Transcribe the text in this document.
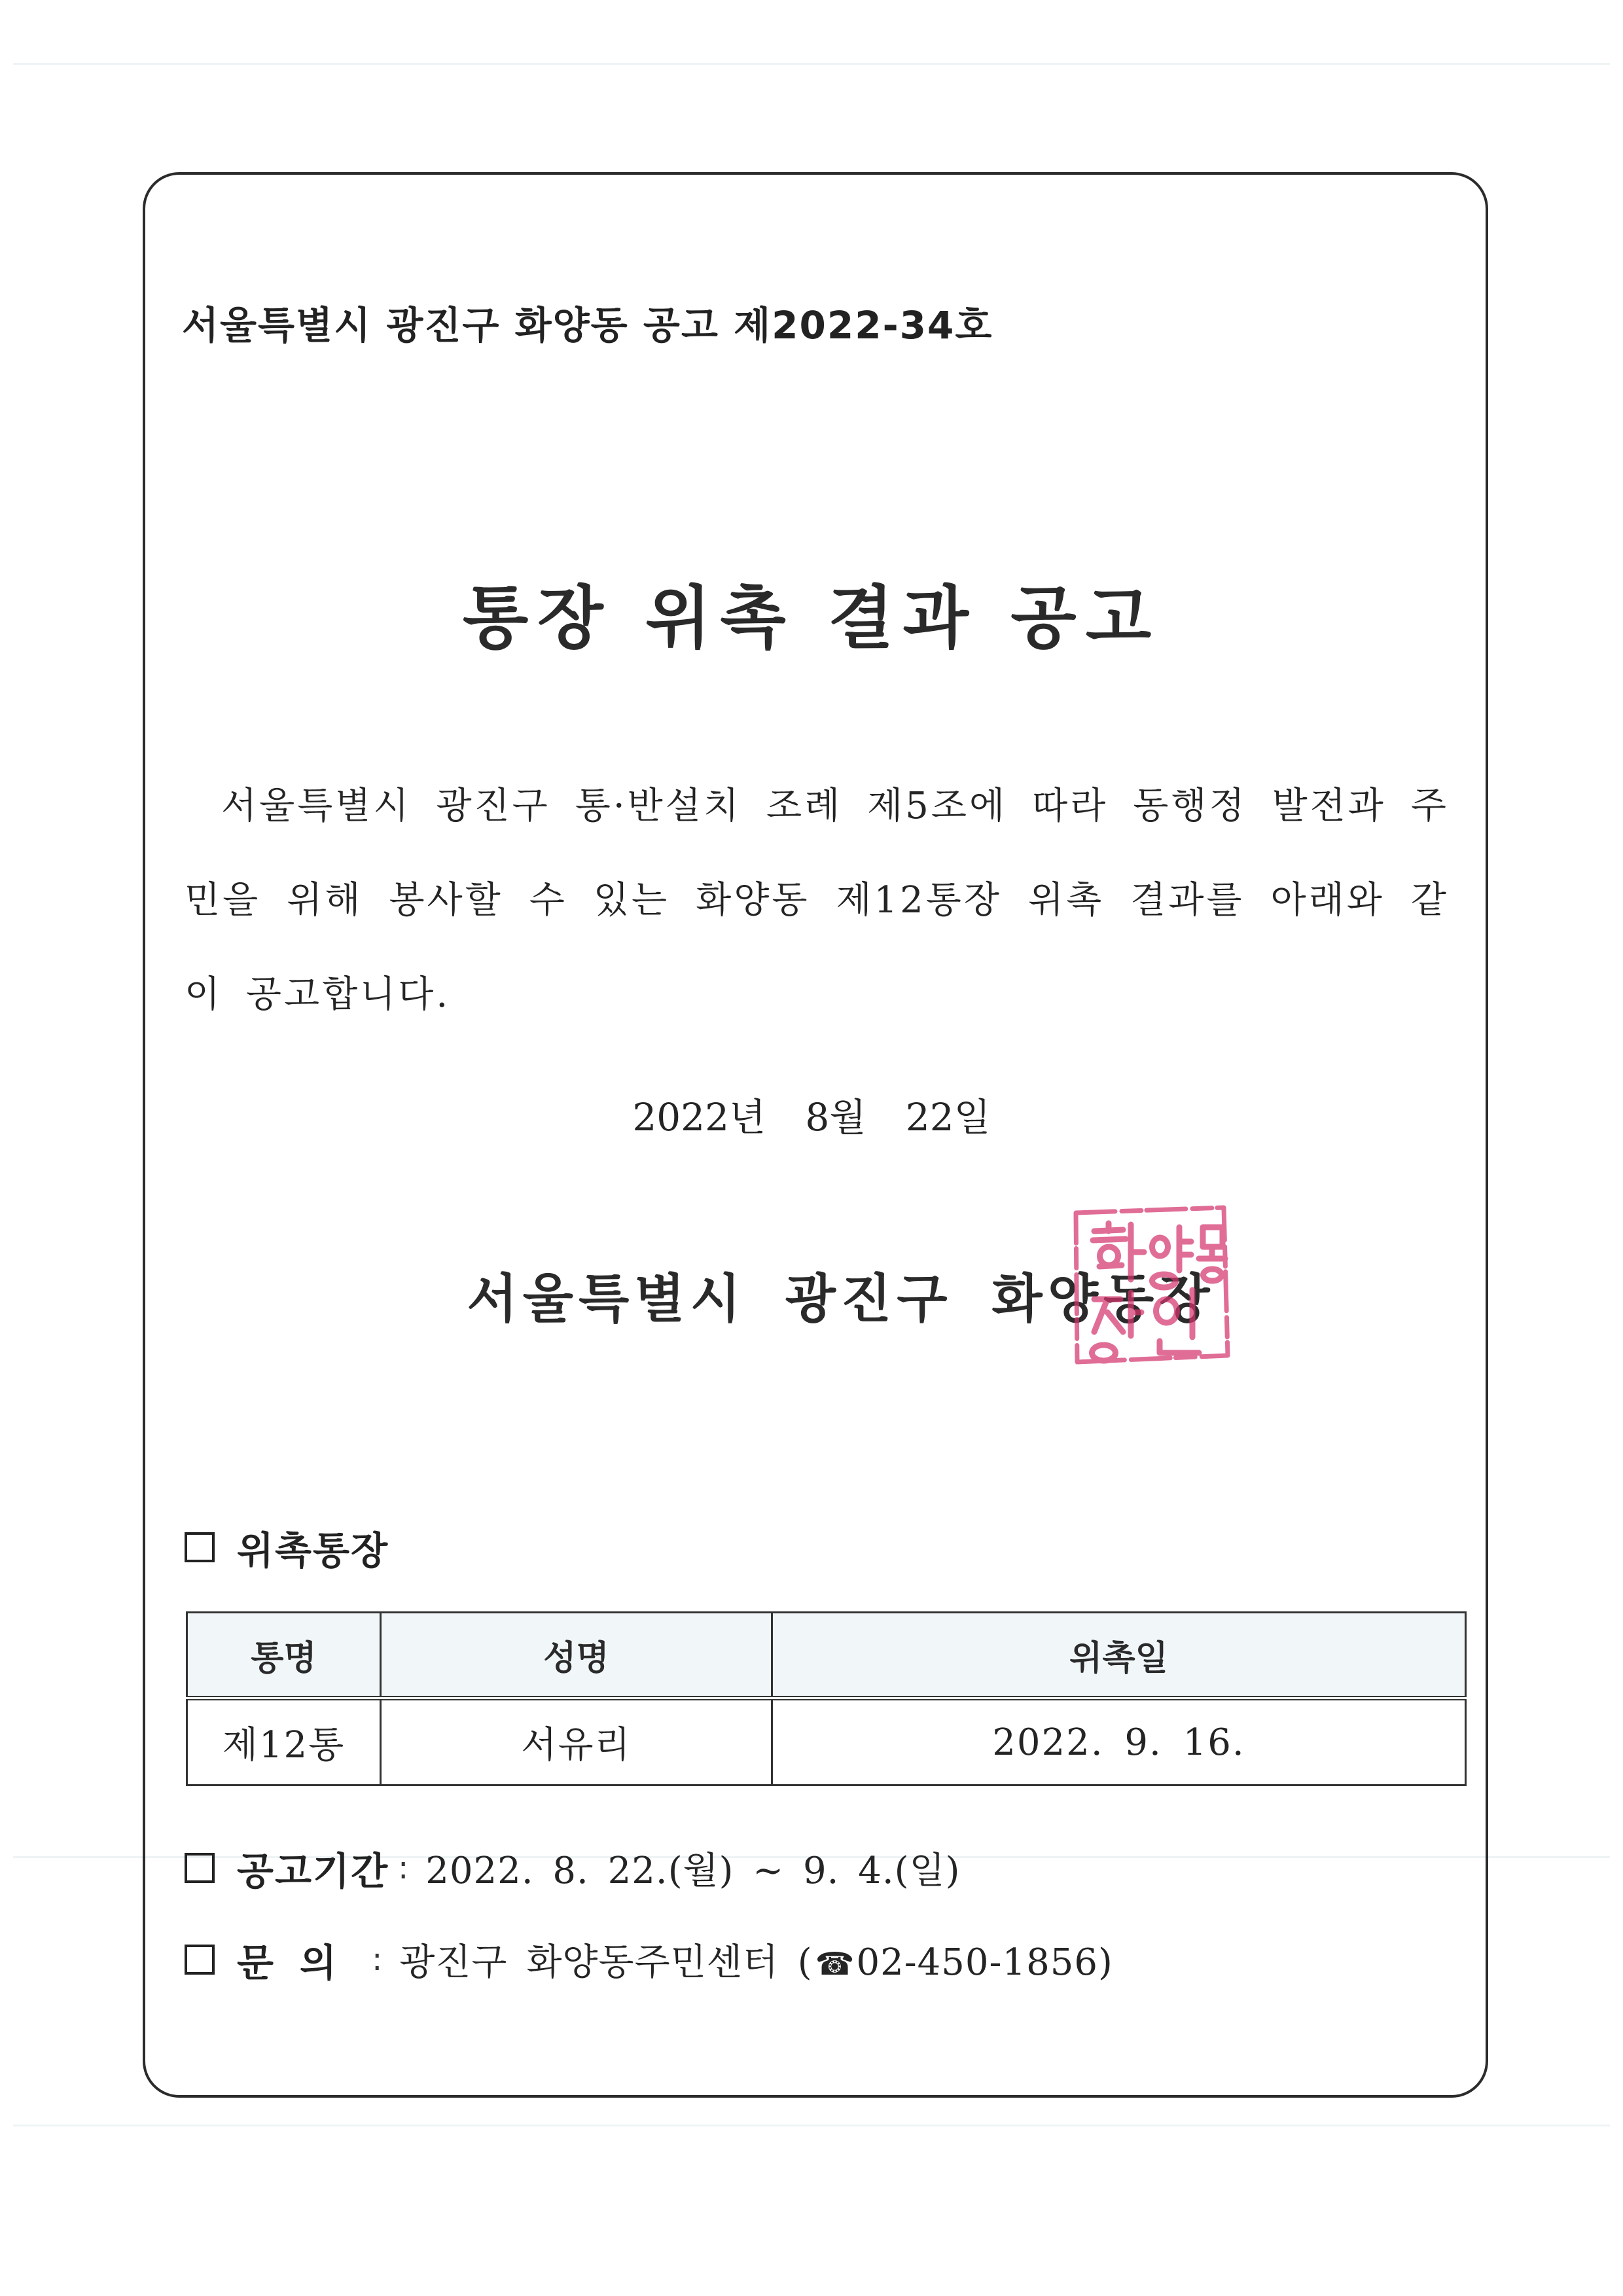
서울특별시 광진구 화양동 공고 제2022-34호
통장 위촉 결과 공고
서울특별시 광진구 통·반설치 조례 제5조에 따라 동행정 발전과 주민을 위해 봉사할 수 있는 화양동 제12통장 위촉 결과를 아래와 같이 공고합니다.
2022년 8월 22일
서울특별시 광진구 화양동장
위촉통장
통명	성명	위촉일
제12통	서유리	2022. 9. 16.
공고기간 : 2022. 8. 22.(월) ~ 9. 4.(일)
문의 : 광진구 화양동주민센터 (☎02-450-1856)
